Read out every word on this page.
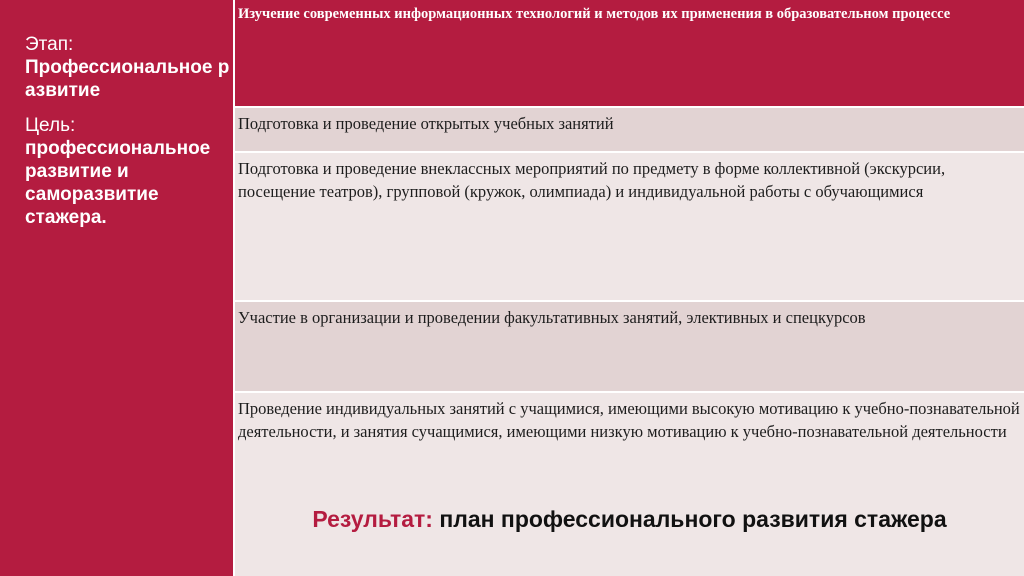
Этап:
Профессиональное развитие
Цель:
профессиональное развитие и саморазвитие стажера.
Изучение современных информационных технологий и методов их применения в образовательном процессе
Подготовка и проведение открытых учебных занятий
Подготовка и проведение внеклассных мероприятий по предмету в форме коллективной (экскурсии, посещение театров), групповой (кружок, олимпиада) и индивидуальной работы с обучающимися
Участие в организации и проведении факультативных занятий, элективных и спецкурсов
Проведение индивидуальных занятий с учащимися, имеющими высокую мотивацию к учебно-познавательной деятельности, и занятия сучащимися, имеющими низкую мотивацию к учебно-познавательной деятельности
Результат: план профессионального развития стажера
